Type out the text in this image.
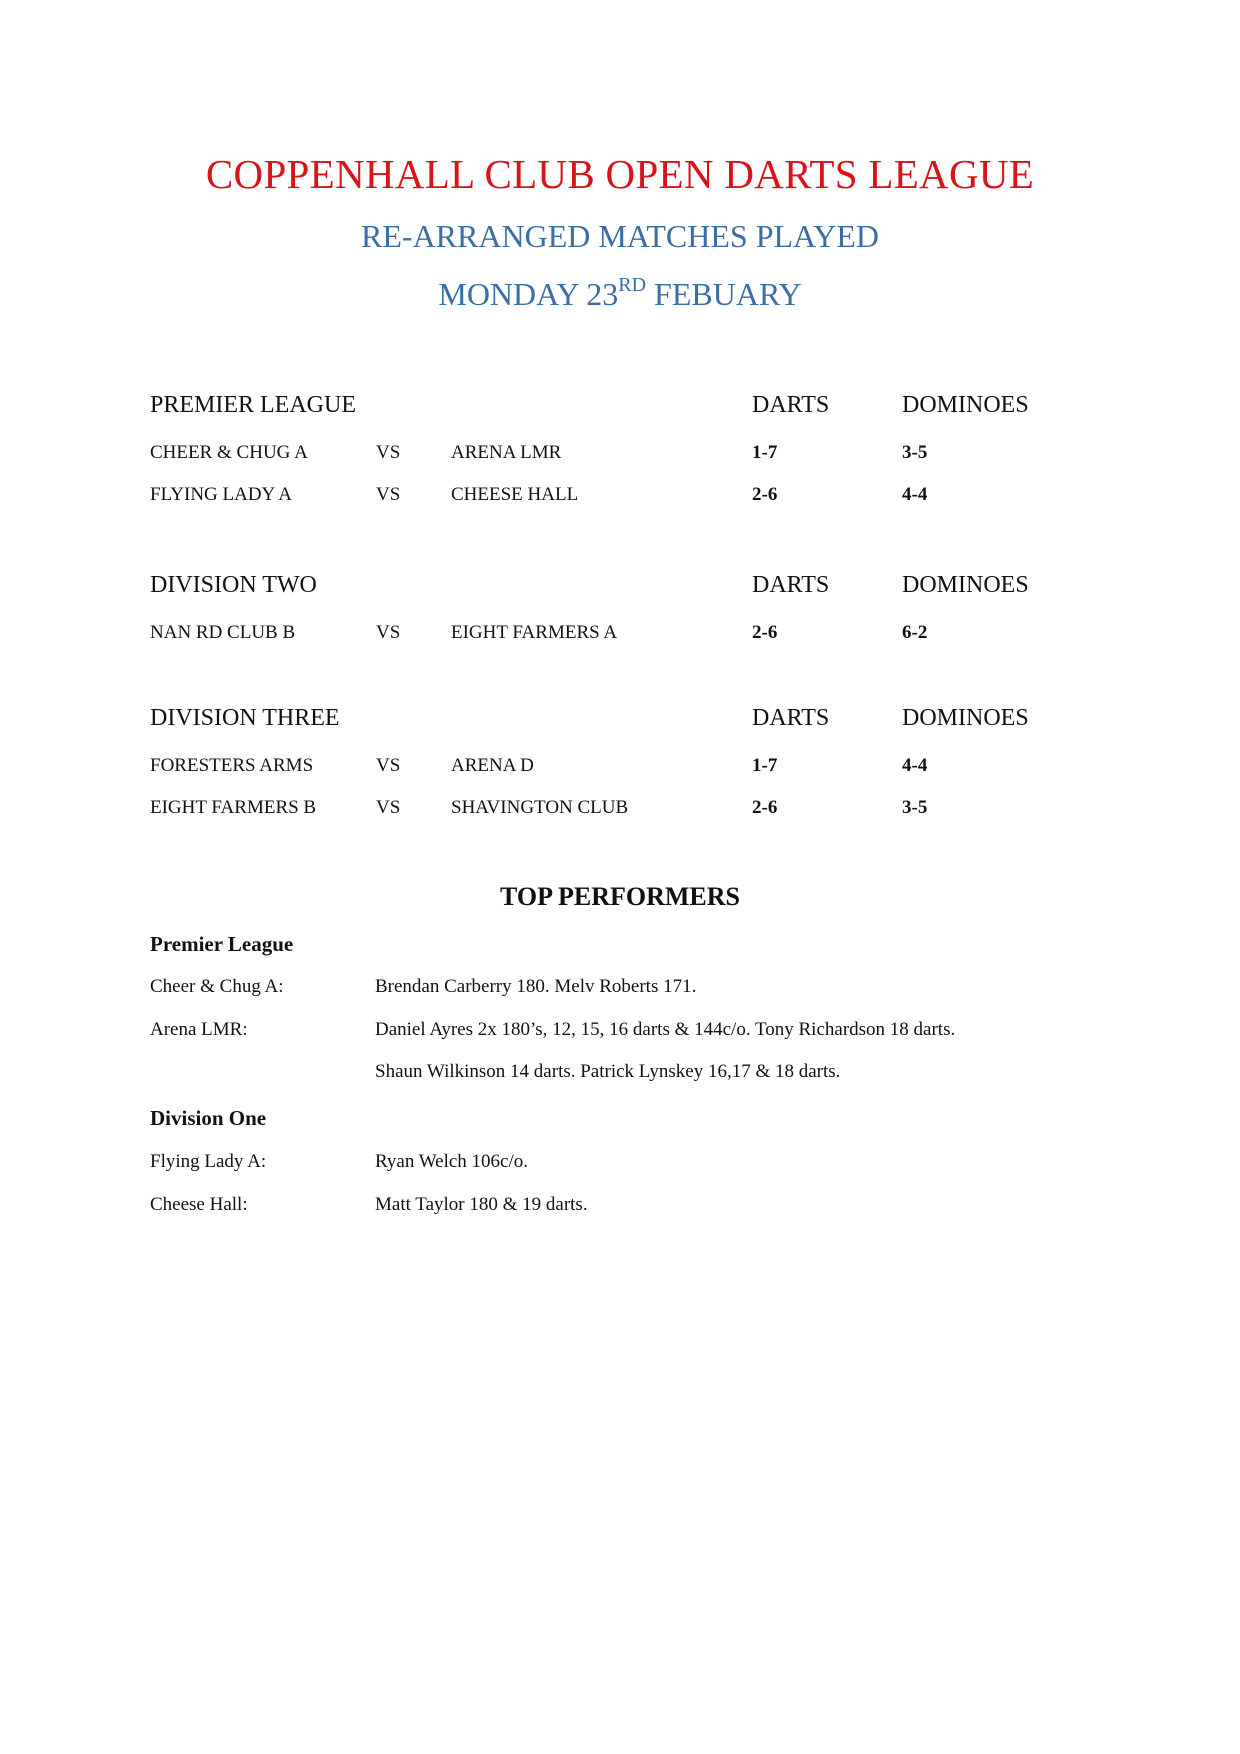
COPPENHALL CLUB OPEN DARTS LEAGUE
RE-ARRANGED MATCHES PLAYED
MONDAY 23RD FEBUARY
PREMIER LEAGUE	DARTS	DOMINOES
CHEER & CHUG A	VS	ARENA LMR	1-7	3-5
FLYING LADY A	VS	CHEESE HALL	2-6	4-4
DIVISION TWO	DARTS	DOMINOES
NAN RD CLUB B	VS	EIGHT FARMERS A	2-6	6-2
DIVISION THREE	DARTS	DOMINOES
FORESTERS ARMS	VS	ARENA D	1-7	4-4
EIGHT FARMERS B	VS	SHAVINGTON CLUB	2-6	3-5
TOP PERFORMERS
Premier League
Cheer & Chug A:	Brendan Carberry 180. Melv Roberts 171.
Arena LMR:	Daniel Ayres 2x 180’s, 12, 15, 16 darts & 144c/o. Tony Richardson 18 darts.
Shaun Wilkinson 14 darts. Patrick Lynskey 16,17 & 18 darts.
Division One
Flying Lady A:	Ryan Welch 106c/o.
Cheese Hall:	Matt Taylor 180 & 19 darts.
